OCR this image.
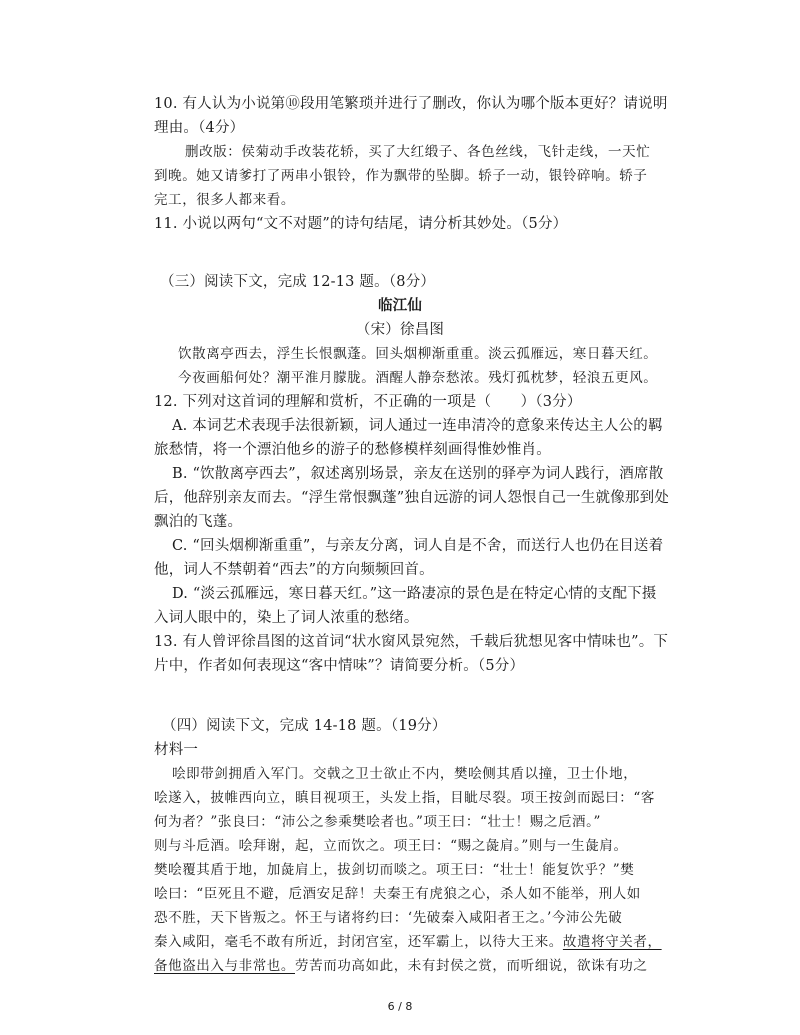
10. 有人认为小说第⑩段用笔繁琐并进行了删改，你认为哪个版本更好？请说明

理由。（4分）

删改版：侯菊动手改装花轿，买了大红缎子、各色丝线，飞针走线，一天忙

到晚。她又请爹打了两串小银铃，作为飘带的坠脚。轿子一动，银铃碎响。轿子

完工，很多人都来看。

11. 小说以两句“文不对题”的诗句结尾，请分析其妙处。（5分）

（三）阅读下文，完成 12-13 题。（8分）

临江仙

（宋）徐昌图

饮散离亭西去，浮生长恨飘蓬。回头烟柳渐重重。淡云孤雁远，寒日暮天红。

今夜画船何处？潮平淮月朦胧。酒醒人静奈愁浓。残灯孤枕梦，轻浪五更风。

12. 下列对这首词的理解和赏析，不正确的一项是（　　）（3分）

A. 本词艺术表现手法很新颖，词人通过一连串清冷的意象来传达主人公的羁

旅愁情，将一个漂泊他乡的游子的愁修模样刻画得惟妙惟肖。

B. “饮散离亭西去”，叙述离别场景，亲友在送别的驿亭为词人践行，酒席散

后，他辞别亲友而去。“浮生常恨飘蓬”独自远游的词人怨恨自己一生就像那到处

飘泊的飞蓬。

C. “回头烟柳渐重重”，与亲友分离，词人自是不舍，而送行人也仍在目送着

他，词人不禁朝着“西去”的方向频频回首。

D. “淡云孤雁远，寒日暮天红。”这一路凄凉的景色是在特定心情的支配下摄

入词人眼中的，染上了词人浓重的愁绪。

13. 有人曾评徐昌图的这首词“状水窗风景宛然，千载后犹想见客中情味也”。下

片中，作者如何表现这“客中情味”？请简要分析。（5分）

（四）阅读下文，完成 14-18 题。（19分）

材料一

哙即带剑拥盾入军门。交戟之卫士欲止不内，樊哙侧其盾以撞，卫士仆地，

哙遂入，披帷西向立，瞋目视项王，头发上指，目眦尽裂。项王按剑而跽曰：“客

何为者？”张良曰：“沛公之参乘樊哙者也。”项王曰：“壮士！赐之卮酒。”

则与斗卮酒。哙拜谢，起，立而饮之。项王曰：“赐之彘肩。”则与一生彘肩。

樊哙覆其盾于地，加彘肩上，拔剑切而啖之。项王曰：“壮士！能复饮乎？”樊

哙曰：“臣死且不避，卮酒安足辞！夫秦王有虎狼之心，杀人如不能举，刑人如

恐不胜，天下皆叛之。怀王与诸将约曰：‘先破秦入咸阳者王之。’今沛公先破

秦入咸阳，毫毛不敢有所近，封闭宫室，还军霸上，以待大王来。故遣将守关者，

备他盗出入与非常也。劳苦而功高如此，未有封侯之赏，而听细说，欲诛有功之

6 / 8
